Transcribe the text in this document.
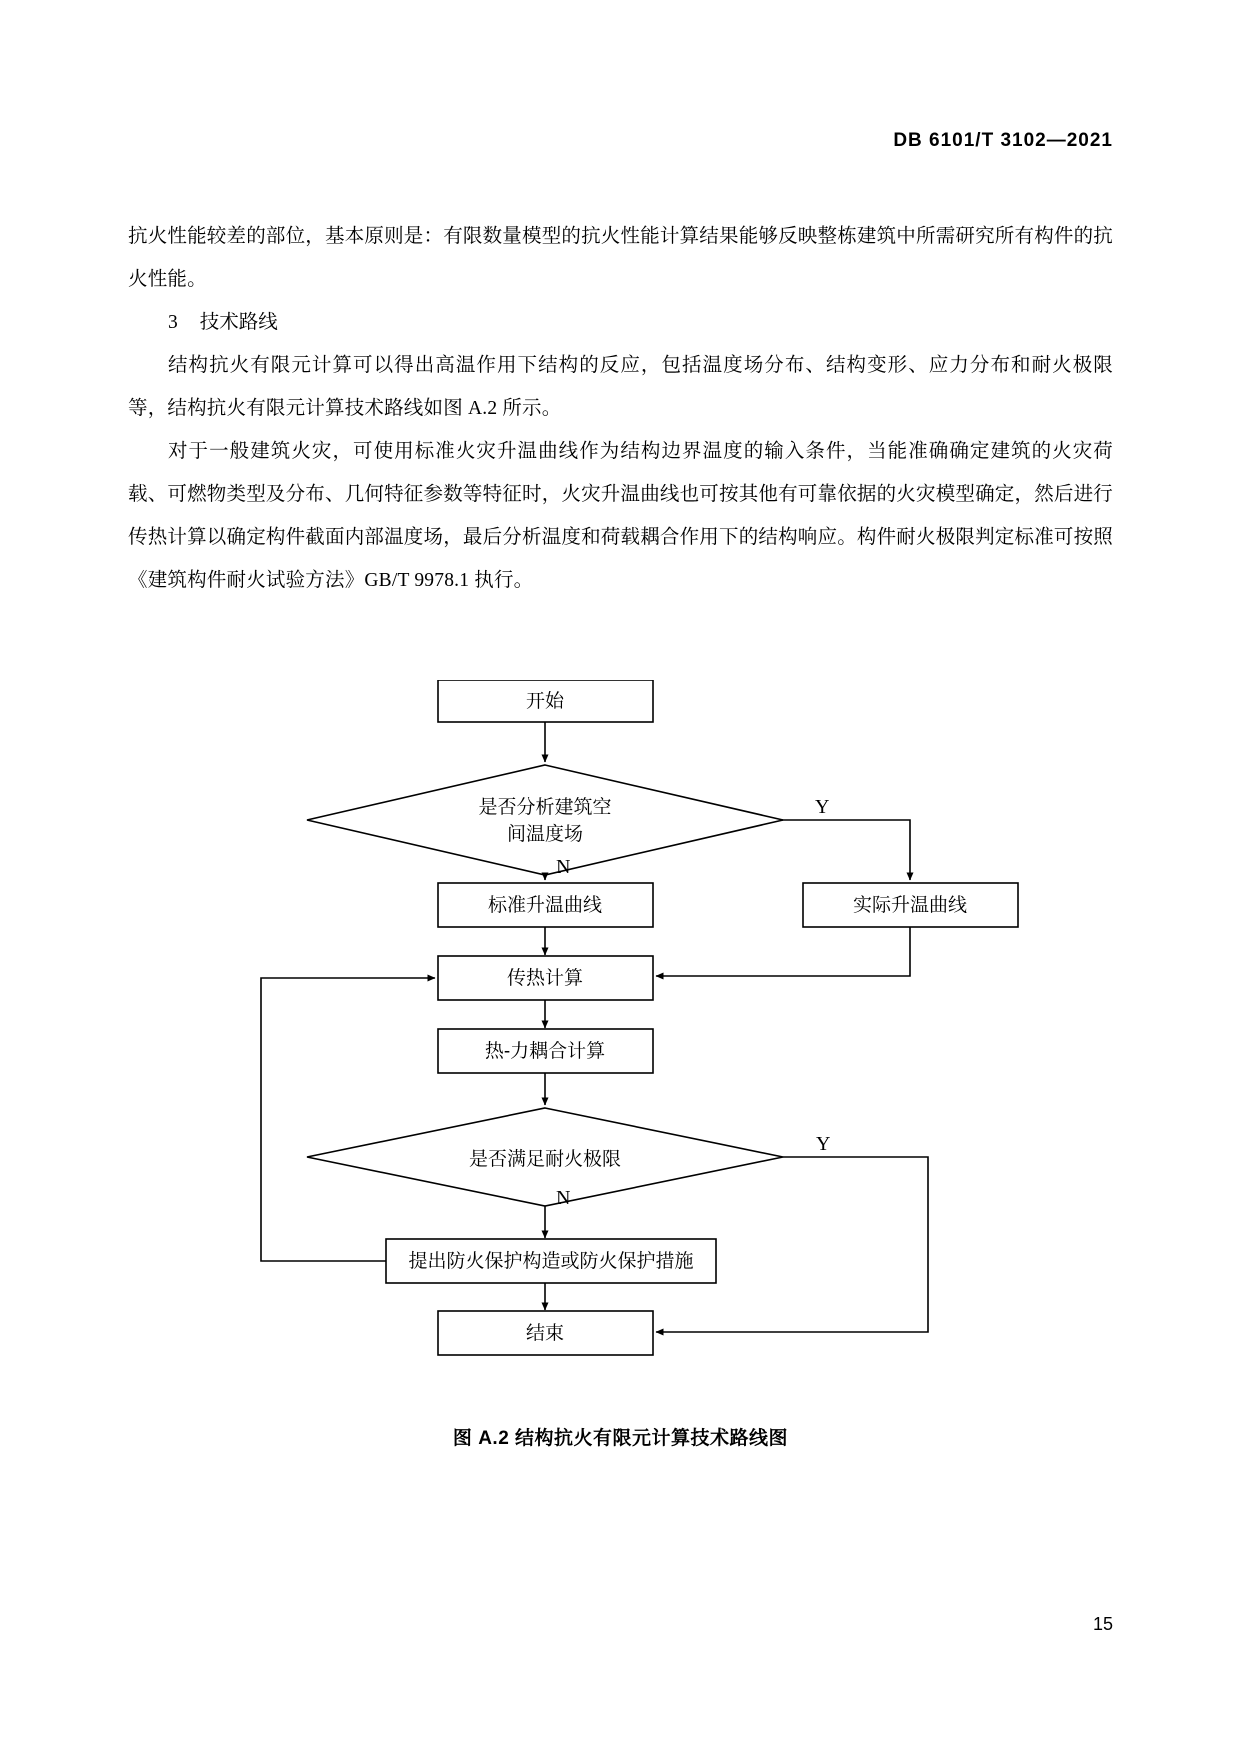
DB 6101/T 3102—2021

抗火性能较差的部位，基本原则是：有限数量模型的抗火性能计算结果能够反映整栋建筑中所需研究所有构件的抗火性能。

3 技术路线

结构抗火有限元计算可以得出高温作用下结构的反应，包括温度场分布、结构变形、应力分布和耐火极限等，结构抗火有限元计算技术路线如图 A.2 所示。

对于一般建筑火灾，可使用标准火灾升温曲线作为结构边界温度的输入条件，当能准确确定建筑的火灾荷载、可燃物类型及分布、几何特征参数等特征时，火灾升温曲线也可按其他有可靠依据的火灾模型确定，然后进行传热计算以确定构件截面内部温度场，最后分析温度和荷载耦合作用下的结构响应。构件耐火极限判定标准可按照《建筑构件耐火试验方法》GB/T 9978.1 执行。

开始
是否分析建筑空
间温度场
Y
N
标准升温曲线	实际升温曲线
传热计算
热-力耦合计算
是否满足耐火极限
Y
N
提出防火保护构造或防火保护措施
结束
图 A.2 结构抗火有限元计算技术路线图
15
